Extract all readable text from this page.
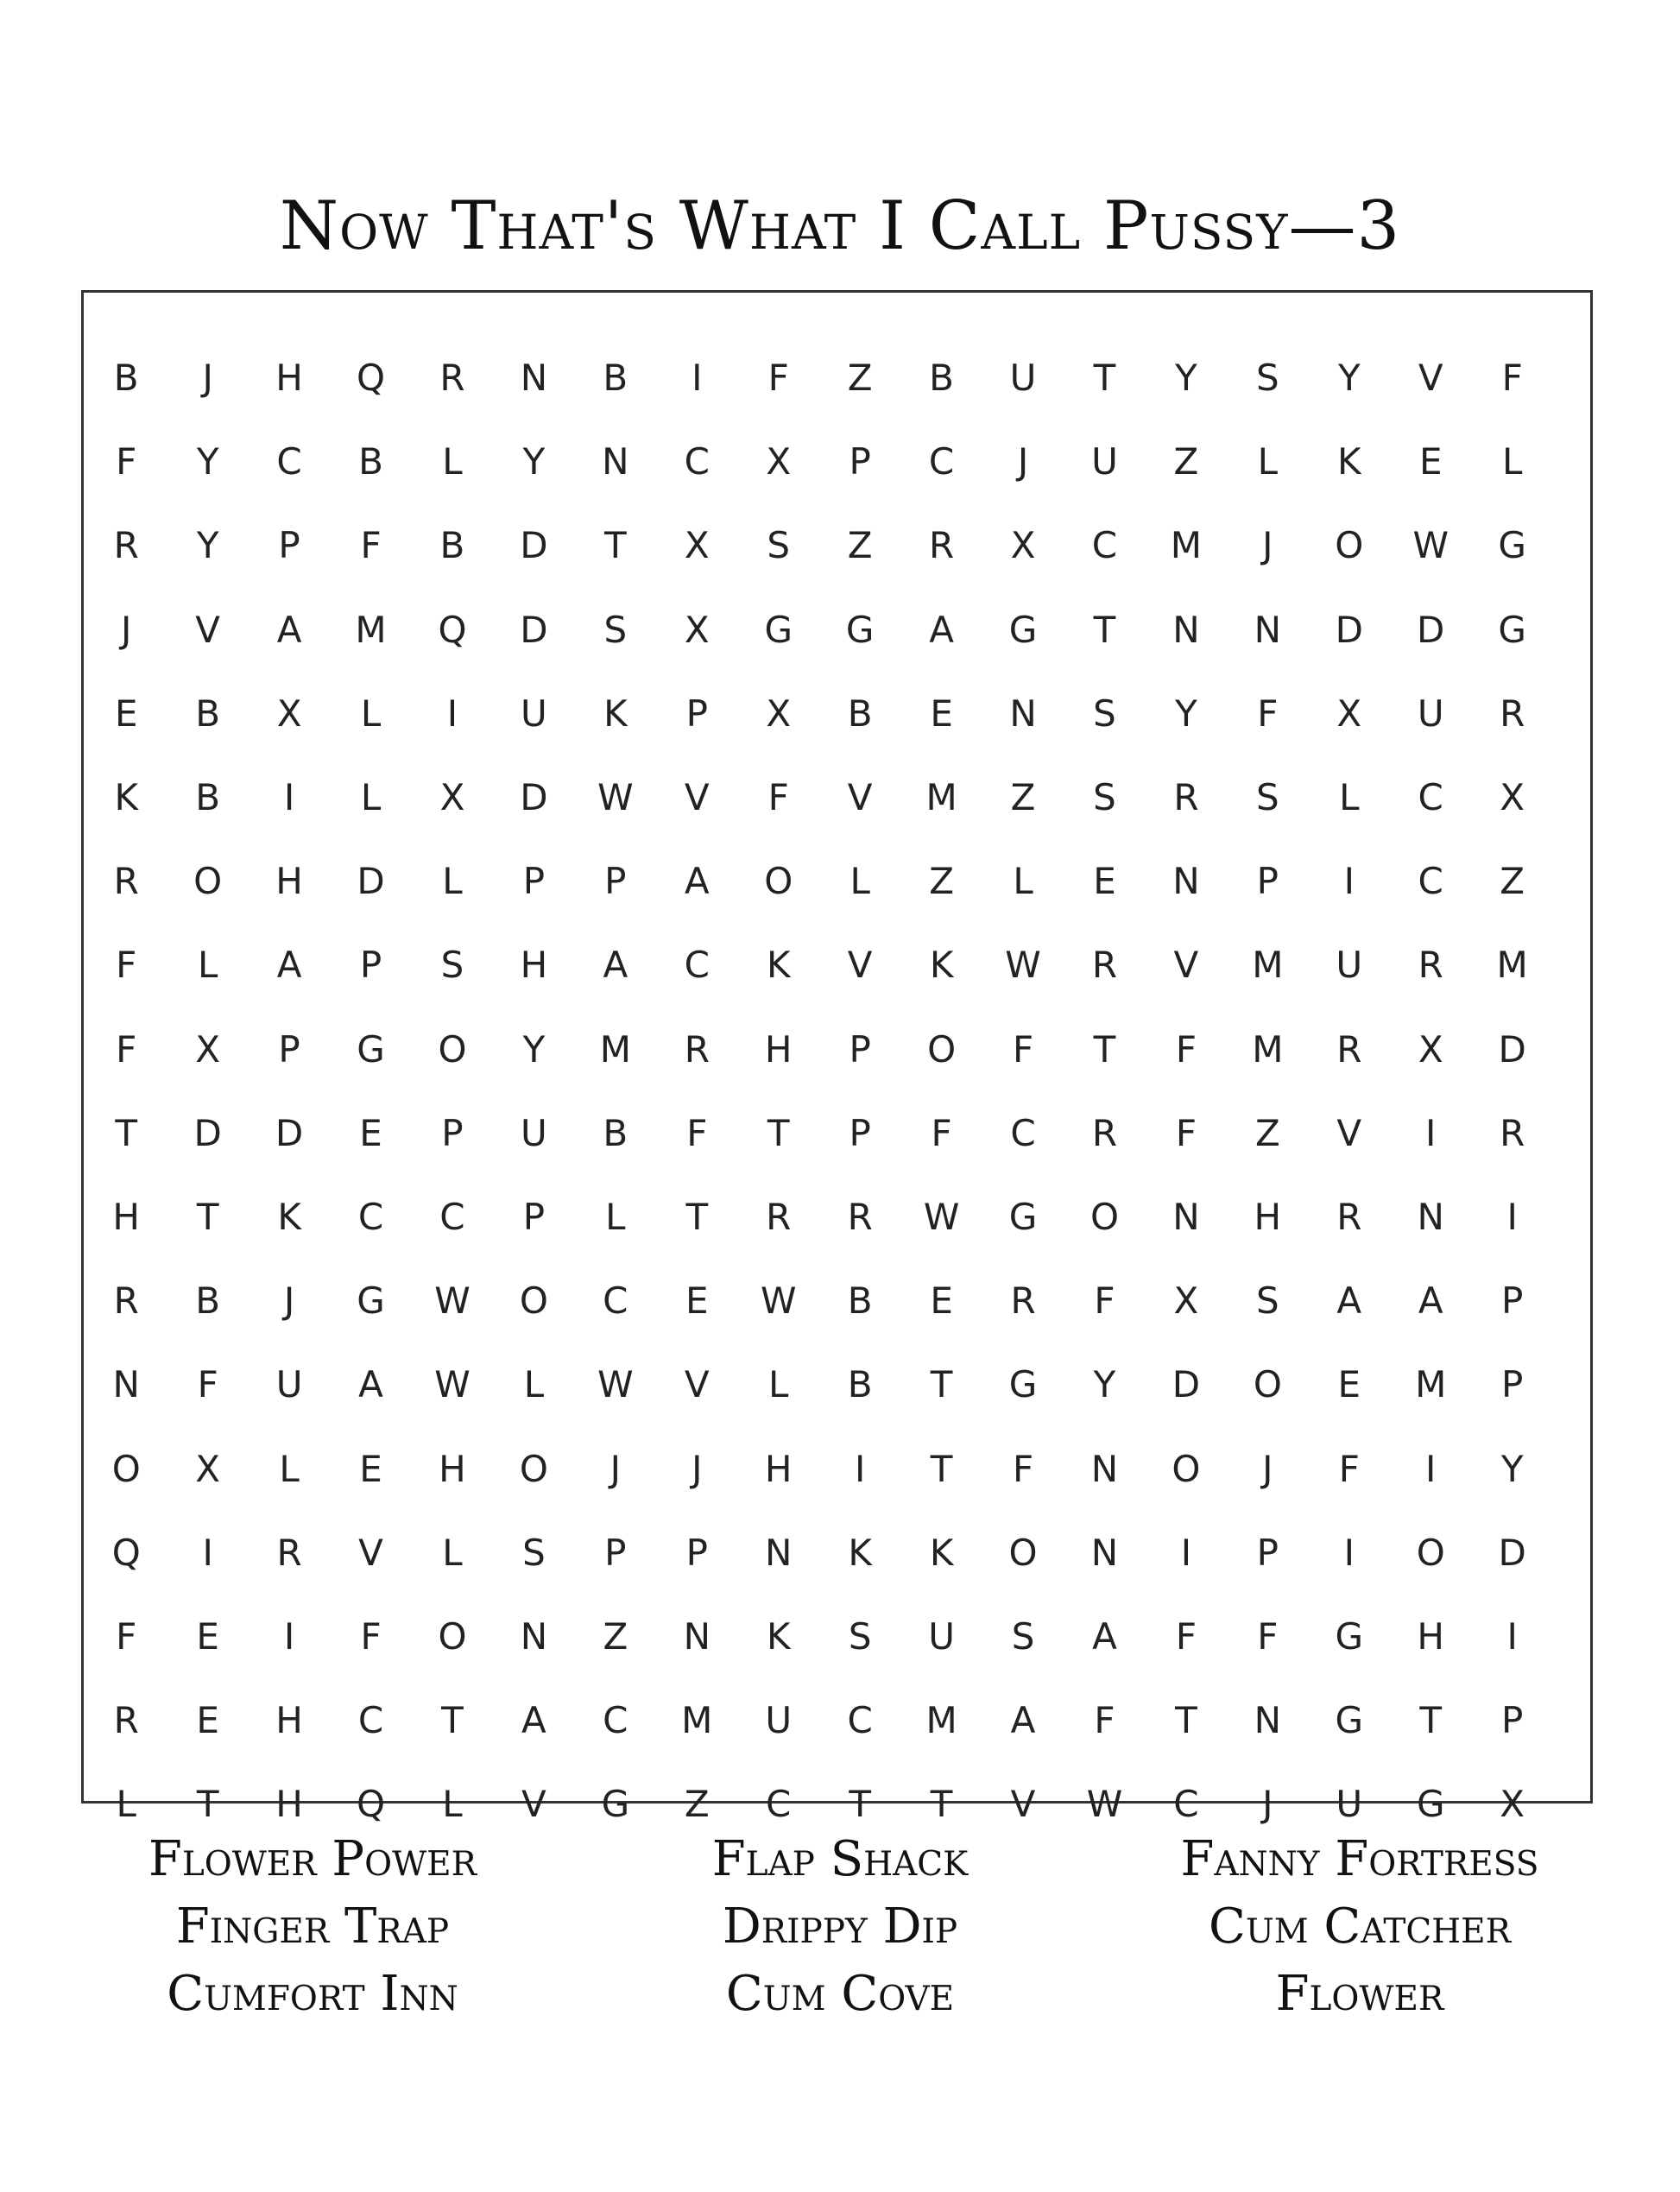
Now That's What I Call Pussy—3
B	J	H	Q	R	N	B	I	F	Z	B	U	T	Y	S	Y	V	F
F	Y	C	B	L	Y	N	C	X	P	C	J	U	Z	L	K	E	L
R	Y	P	F	B	D	T	X	S	Z	R	X	C	M	J	O	W	G
J	V	A	M	Q	D	S	X	G	G	A	G	T	N	N	D	D	G
E	B	X	L	I	U	K	P	X	B	E	N	S	Y	F	X	U	R
K	B	I	L	X	D	W	V	F	V	M	Z	S	R	S	L	C	X
R	O	H	D	L	P	P	A	O	L	Z	L	E	N	P	I	C	Z
F	L	A	P	S	H	A	C	K	V	K	W	R	V	M	U	R	M
F	X	P	G	O	Y	M	R	H	P	O	F	T	F	M	R	X	D
T	D	D	E	P	U	B	F	T	P	F	C	R	F	Z	V	I	R
H	T	K	C	C	P	L	T	R	R	W	G	O	N	H	R	N	I
R	B	J	G	W	O	C	E	W	B	E	R	F	X	S	A	A	P
N	F	U	A	W	L	W	V	L	B	T	G	Y	D	O	E	M	P
O	X	L	E	H	O	J	J	H	I	T	F	N	O	J	F	I	Y
Q	I	R	V	L	S	P	P	N	K	K	O	N	I	P	I	O	D
F	E	I	F	O	N	Z	N	K	S	U	S	A	F	F	G	H	I
R	E	H	C	T	A	C	M	U	C	M	A	F	T	N	G	T	P
L	T	H	Q	L	V	G	Z	C	T	T	V	W	C	J	U	G	X
Flower Power
Finger Trap
Cumfort Inn
Flap Shack
Drippy Dip
Cum Cove
Fanny Fortress
Cum Catcher
Flower
